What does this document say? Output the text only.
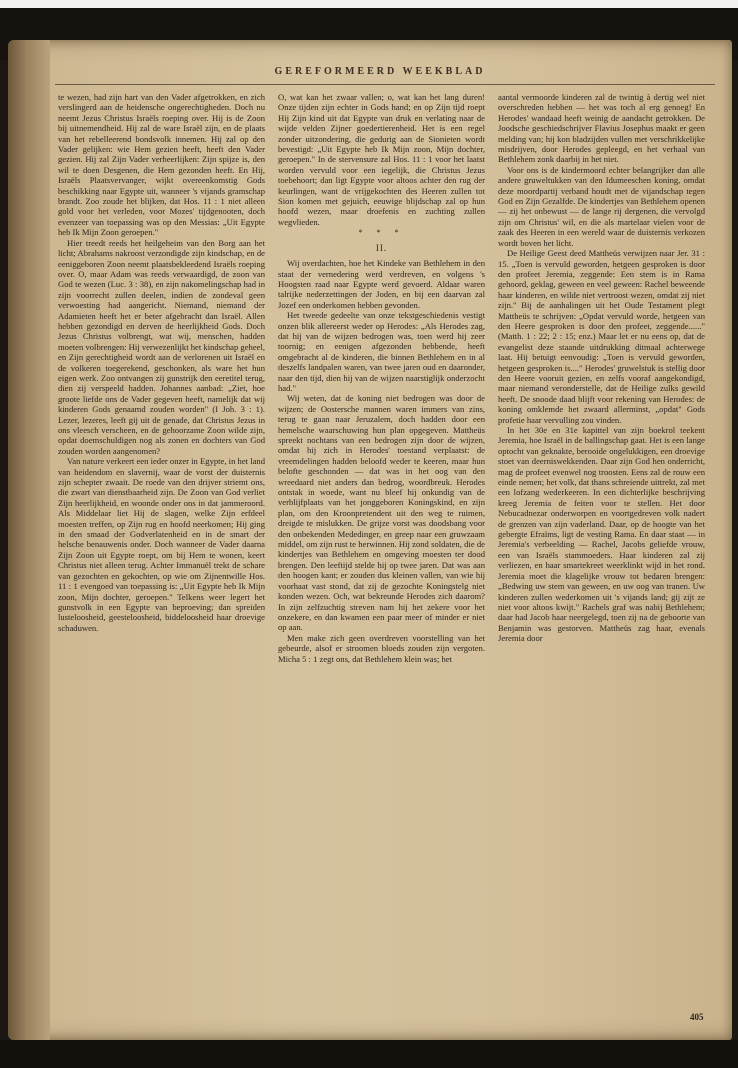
GEREFORMEERD WEEKBLAD

te wezen, had zijn hart van den Vader afgetrokken, en zich verslingerd aan de heidensche ongerechtigheden. Doch nu neemt Jezus Christus Israëls roeping over. Hij is de Zoon bij uitnemendheid. Hij zal de ware Israël zijn, en de plaats van het rebelleerend bondsvolk innemen. Hij zal op den Vader gelijken: wie Hem gezien heeft, heeft den Vader gezien. Hij zal Zijn Vader verheerlijken: Zijn spijze is, den wil te doen Desgenen, die Hem gezonden heeft. En Hij, Israëls Plaatsvervanger, wijkt overeenkomstig Gods beschikking naar Egypte uit, wanneer 's vijands gramschap brandt. Zoo zoude het blijken, dat Hos. 11 : 1 niet alleen gold voor het verleden, voor Mozes' tijdgenooten, doch evenzeer van toepassing was op den Messias: „Uit Egypte heb Ik Mijn Zoon geroepen."

Hier treedt reeds het heilgeheim van den Borg aan het licht; Abrahams nakroost verzondigde zijn kindschap, en de eeniggeboren Zoon neemt plaatsbekleedend Israëls roeping over. O, maar Adam was reeds verwaardigd, de zoon van God te wezen (Luc. 3 : 38), en zijn nakomelingschap had in zijn voorrecht zullen deelen, indien de zondeval geen verwoesting had aangericht. Niemand, niemand der Adamieten heeft het er beter afgebracht dan Israël. Allen hebben gezondigd en derven de heerlijkheid Gods. Doch Jezus Christus volbrengt, wat wij, menschen, hadden moeten volbrengen: Hij verwezenlijkt het kindschap geheel, en Zijn gerechtigheid wordt aan de verlorenen uit Israël en de volkeren toegerekend, geschonken, als ware het hun eigen werk. Zoo ontvangen zij gunstrijk den eeretitel terug, dien zij verspeeld hadden. Johannes aanbad: „Ziet, hoe groote liefde ons de Vader gegeven heeft, namelijk dat wij kinderen Gods genaamd zouden worden" (I Joh. 3 : 1). Lezer, lezeres, leeft gij uit de genade, dat Christus Jezus in ons vleesch verscheen, en de gehoorzame Zoon wilde zijn, opdat doemschuldigen nog als zonen en dochters van God zouden worden aangenomen?

Van nature verkeert een ieder onzer in Egypte, in het land van heidendom en slavernij, waar de vorst der duisternis zijn schepter zwaait. De roede van den drijver striemt ons, die zwart van dienstbaarheid zijn. De Zoon van God verliet Zijn heerlijkheid, en woonde onder ons in dat jammeroord. Als Middelaar liet Hij de slagen, welke Zijn erfdeel moesten treffen, op Zijn rug en hoofd neerkomen; Hij ging in den smaad der Godverlatenheid en in de smart der helsche benauwenis onder. Doch wanneer de Vader daarna Zijn Zoon uit Egypte roept, om bij Hem te wonen, keert Christus niet alleen terug. Achter Immanuël trekt de schare van gezochten en gekochten, op wie om Zijnentwille Hos. 11 : 1 evengoed van toepassing is: „Uit Egypte heb Ik Mijn zoon, Mijn dochter, geroepen." Telkens weer legert het gunstvolk in een Egypte van beproeving; dan spreiden lusteloosheid, geesteloosheid, biddeloosheid haar droevige schaduwen.

O, wat kan het zwaar vallen; o, wat kan het lang duren! Onze tijden zijn echter in Gods hand; en op Zijn tijd roept Hij Zijn kind uit dat Egypte van druk en verlating naar de wijde velden Zijner goedertierenheid. Het is een regel zonder uitzondering, die gedurig aan de Sionieten wordt bevestigd: „Uit Egypte heb Ik Mijn zoon, Mijn dochter, geroepen." In de stervensure zal Hos. 11 : 1 voor het laatst worden vervuld voor een iegelijk, die Christus Jezus toebehoort; dan ligt Egypte voor altoos achter den rug der keurlingen, want de vrijgekochten des Heeren zullen tot Sion komen met gejuich, eeuwige blijdschap zal op hun hoofd wezen, maar droefenis en zuchting zullen wegvlieden.

* * *
II.

Wij overdachten, hoe het Kindeke van Bethlehem in den staat der vernedering werd verdreven, en volgens 's Hoogsten raad naar Egypte werd gevoerd. Aldaar waren talrijke nederzettingen der Joden, en bij een daarvan zal Jozef een onderkomen hebben gevonden.

Het tweede gedeelte van onze tekstgeschiedenis vestigt onzen blik allereerst weder op Herodes: „Als Herodes zag, dat hij van de wijzen bedrogen was, toen werd hij zeer toornig; en eenigen afgezonden hebbende, heeft omgebracht al de kinderen, die binnen Bethlehem en in al deszelfs landpalen waren, van twee jaren oud en daaronder, naar den tijd, dien hij van de wijzen naarstiglijk onderzocht had."

Wij weten, dat de koning niet bedrogen was door de wijzen; de Oostersche mannen waren immers van zins, terug te gaan naar Jeruzalem, doch hadden door een hemelsche waarschuwing hun plan opgegeven. Mattheüs spreekt nochtans van een bedrogen zijn door de wijzen, omdat hij zich in Herodes' toestand verplaatst: de vreemdelingen hadden beloofd weder te keeren, maar hun belofte geschonden — dat was in het oog van den wreedaard niet anders dan bedrog, woordbreuk. Herodes ontstak in woede, want nu bleef hij onkundig van de verblijfplaats van het jonggeboren Koningskind, en zijn plan, om den Kroonpretendent uit den weg te ruimen, dreigde te mislukken. De grijze vorst was doodsbang voor den onbekenden Mededinger, en greep naar een gruwzaam middel, om zijn rust te herwinnen. Hij zond soldaten, die de kindertjes van Bethlehem en omgeving moesten ter dood brengen. Den leeftijd stelde hij op twee jaren. Dat was aan den hoogen kant; er zouden dus kleinen vallen, van wie hij voorhaat vast stond, dat zij de gezochte Koningstelg niet konden wezen. Och, wat bekreunde Herodes zich daarom? In zijn zelfzuchtig streven nam hij het zekere voor het onzekere, en dan kwamen een paar meer of minder er niet op aan.

Men make zich geen overdreven voorstelling van het gebeurde, alsof er stroomen bloeds zouden zijn vergoten. Micha 5 : 1 zegt ons, dat Bethlehem klein was; het

aantal vermoorde kinderen zal de twintig à dertig wel niet overschreden hebben — het was toch al erg genoeg! En Herodes' wandaad heeft weinig de aandacht getrokken. De Joodsche geschiedschrijver Flavius Josephus maakt er geen melding van; hij kon bladzijden vullen met verschrikkelijke misdrijven, door Herodes gepleegd, en het verhaal van Bethlehem zonk daarbij in het niet.

Voor ons is de kindermoord echter belangrijker dan alle andere gruweltukken van den Idumeeschen koning, omdat deze moordpartij verband houdt met de vijandschap tegen God en Zijn Gezalfde. De kindertjes van Bethlehem openen — zij het onbewust — de lange rij dergenen, die vervolgd zijn om Christus' wil, en die als martelaar vielen voor de zaak des Heeren in een wereld waar de duisternis verkozen wordt boven het licht.

De Heilige Geest deed Mattheüs verwijzen naar Jer. 31 : 15. „Toen is vervuld geworden, hetgeen gesproken is door den profeet Jeremia, zeggende: Een stem is in Rama gehoord, geklag, geween en veel geween: Rachel beweende haar kinderen, en wilde niet vertroost wezen, omdat zij niet zijn." Bij de aanhalingen uit het Oude Testament plegt Mattheüs te schrijven: „Opdat vervuld worde, hetgeen van den Heere gesproken is door den profeet, zeggende......" (Matth. 1 : 22; 2 : 15; enz.) Maar let er nu eens op, dat de evangelist deze staande uitdrukking ditmaal achterwege laat. Hij betuigt eenvoudig: „Toen is vervuld geworden, hetgeen gesproken is...." Herodes' gruwelstuk is stellig door den Heere vooruit gezien, en zelfs vooraf aangekondigd, maar niemand veronderstelle, dat de Heilige zulks gewild heeft. De snoode daad blijft voor rekening van Herodes: de koning omklemde het zwaard allerminst, „opdat" Gods profetie haar vervulling zou vinden.

In het 30e en 31e kapittel van zijn boekrol teekent Jeremia, hoe Israël in de ballingschap gaat. Het is een lange optocht van geknakte, berooide ongelukkigen, een droevige stoet van deerniswekkenden. Daar zijn God hen onderricht, mag de profeet evenwel nog troosten. Eens zal de rouw een einde nemen; het volk, dat thans schreiende uittrekt, zal met een lofzang wederkeeren. In een dichterlijke beschrijving kreeg Jeremia de feiten voor te stellen. Het door Nebucadnezar onderworpen en voortgedreven volk nadert de grenzen van zijn vaderland. Daar, op de hoogte van het gebergte Efraïms, ligt de vesting Rama. En daar staat — in Jeremia's verbeelding — Rachel, Jacobs geliefde vrouw, een van Israëls stammoeders. Haar kinderen zal zij verliezen, en haar smartekreet weerklinkt wijd in het rond. Jeremia moet die klagelijke vrouw tot bedaren brengen: „Bedwing uw stem van geween, en uw oog van tranen. Uw kinderen zullen wederkomen uit 's vijands land; gij zijt ze niet voor altoos kwijt." Rachels graf was nabij Bethlehem; daar had Jacob haar neergelegd, toen zij na de geboorte van Benjamin was gestorven. Mattheüs zag haar, evenals Jeremia door

405
